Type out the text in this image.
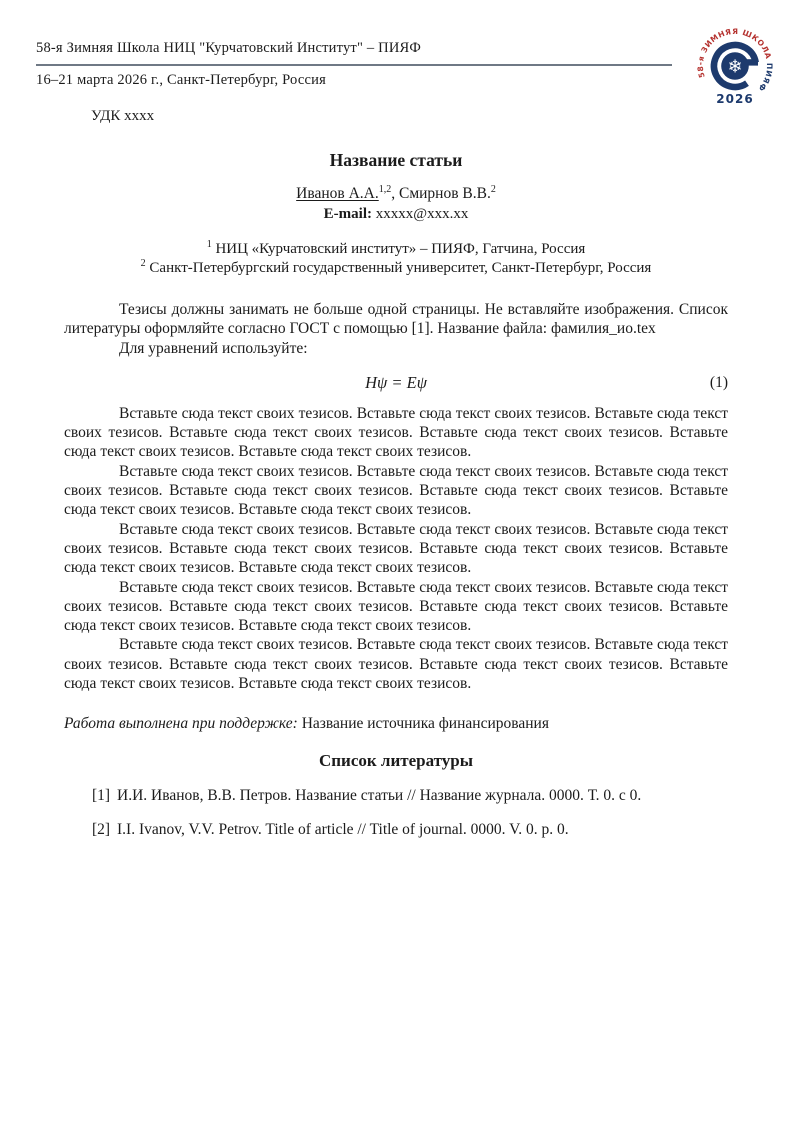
58-я Зимняя Школа НИЦ "Курчатовский Институт" – ПИЯФ
16–21 марта 2026 г., Санкт-Петербург, Россия
❄
58-я ЗИМНЯЯ ШКОЛА ПИЯФ
2026
УДК xxxx
Название статьи
Иванов А.А.$^{1,2}$, Смирнов В.В.$^2$
E-mail: xxxxx@xxx.xx
$^1$ НИЦ «Курчатовский институт» – ПИЯФ, Гатчина, Россия
$^2$ Санкт-Петербургский государственный университет, Санкт-Петербург, Россия

Тезисы должны занимать не больше одной страницы. Не вставляйте изображения. Список литературы оформляйте согласно ГОСТ с помощью [1]. Название файла: фамилия_ио.tex

Для уравнений используйте:

Hψ = Eψ	(1)

Вставьте сюда текст своих тезисов. Вставьте сюда текст своих тезисов. Вставьте сюда текст своих тезисов. Вставьте сюда текст своих тезисов. Вставьте сюда текст своих тезисов. Вставьте сюда текст своих тезисов. Вставьте сюда текст своих тезисов.

Вставьте сюда текст своих тезисов. Вставьте сюда текст своих тезисов. Вставьте сюда текст своих тезисов. Вставьте сюда текст своих тезисов. Вставьте сюда текст своих тезисов. Вставьте сюда текст своих тезисов. Вставьте сюда текст своих тезисов.

Вставьте сюда текст своих тезисов. Вставьте сюда текст своих тезисов. Вставьте сюда текст своих тезисов. Вставьте сюда текст своих тезисов. Вставьте сюда текст своих тезисов. Вставьте сюда текст своих тезисов. Вставьте сюда текст своих тезисов.

Вставьте сюда текст своих тезисов. Вставьте сюда текст своих тезисов. Вставьте сюда текст своих тезисов. Вставьте сюда текст своих тезисов. Вставьте сюда текст своих тезисов. Вставьте сюда текст своих тезисов. Вставьте сюда текст своих тезисов.

Вставьте сюда текст своих тезисов. Вставьте сюда текст своих тезисов. Вставьте сюда текст своих тезисов. Вставьте сюда текст своих тезисов. Вставьте сюда текст своих тезисов. Вставьте сюда текст своих тезисов. Вставьте сюда текст своих тезисов.

Работа выполнена при поддержке: Название источника финансирования
Список литературы
[1] И.И. Иванов, В.В. Петров. Название статьи // Название журнала. 0000. Т. 0. с 0.
[2] I.I. Ivanov, V.V. Petrov. Title of article // Title of journal. 0000. V. 0. p. 0.
